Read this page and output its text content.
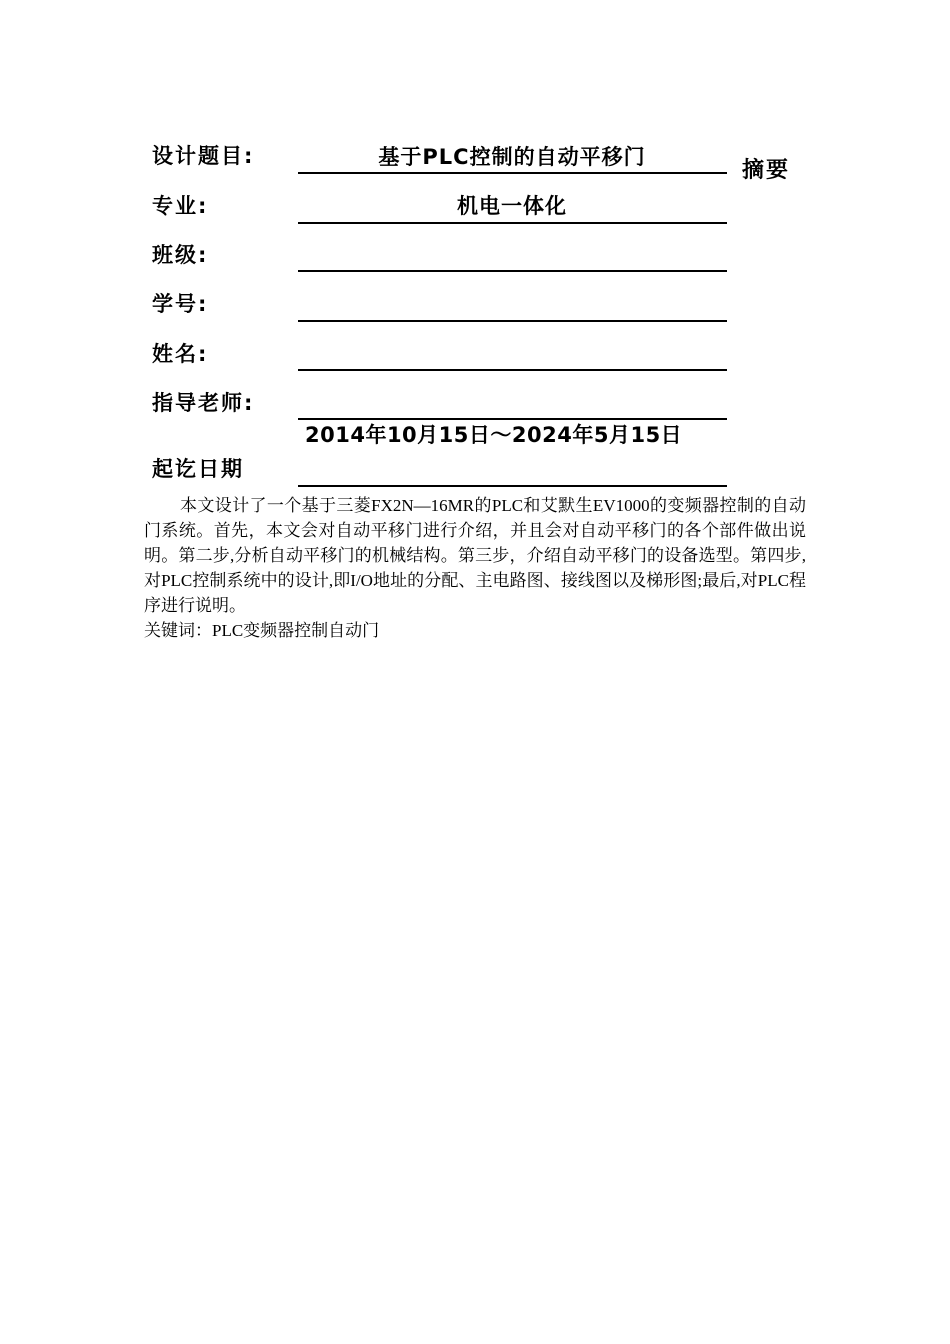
设计题目:	基于PLC控制的自动平移门
摘要
专业:	机电一体化
班级:
学号:
姓名:
指导老师:
起讫日期
2014年10月15日～2024年5月15日
本文设计了一个基于三菱FX2N—16MR的PLC和艾默生EV1000的变频器控制的自动门系统。首先，本文会对自动平移门进行介绍，并且会对自动平移门的各个部件做出说明。第二步,分析自动平移门的机械结构。第三步，介绍自动平移门的设备选型。第四步,对PLC控制系统中的设计,即I/O地址的分配、主电路图、接线图以及梯形图;最后,对PLC程序进行说明。
关键词：PLC变频器控制自动门
